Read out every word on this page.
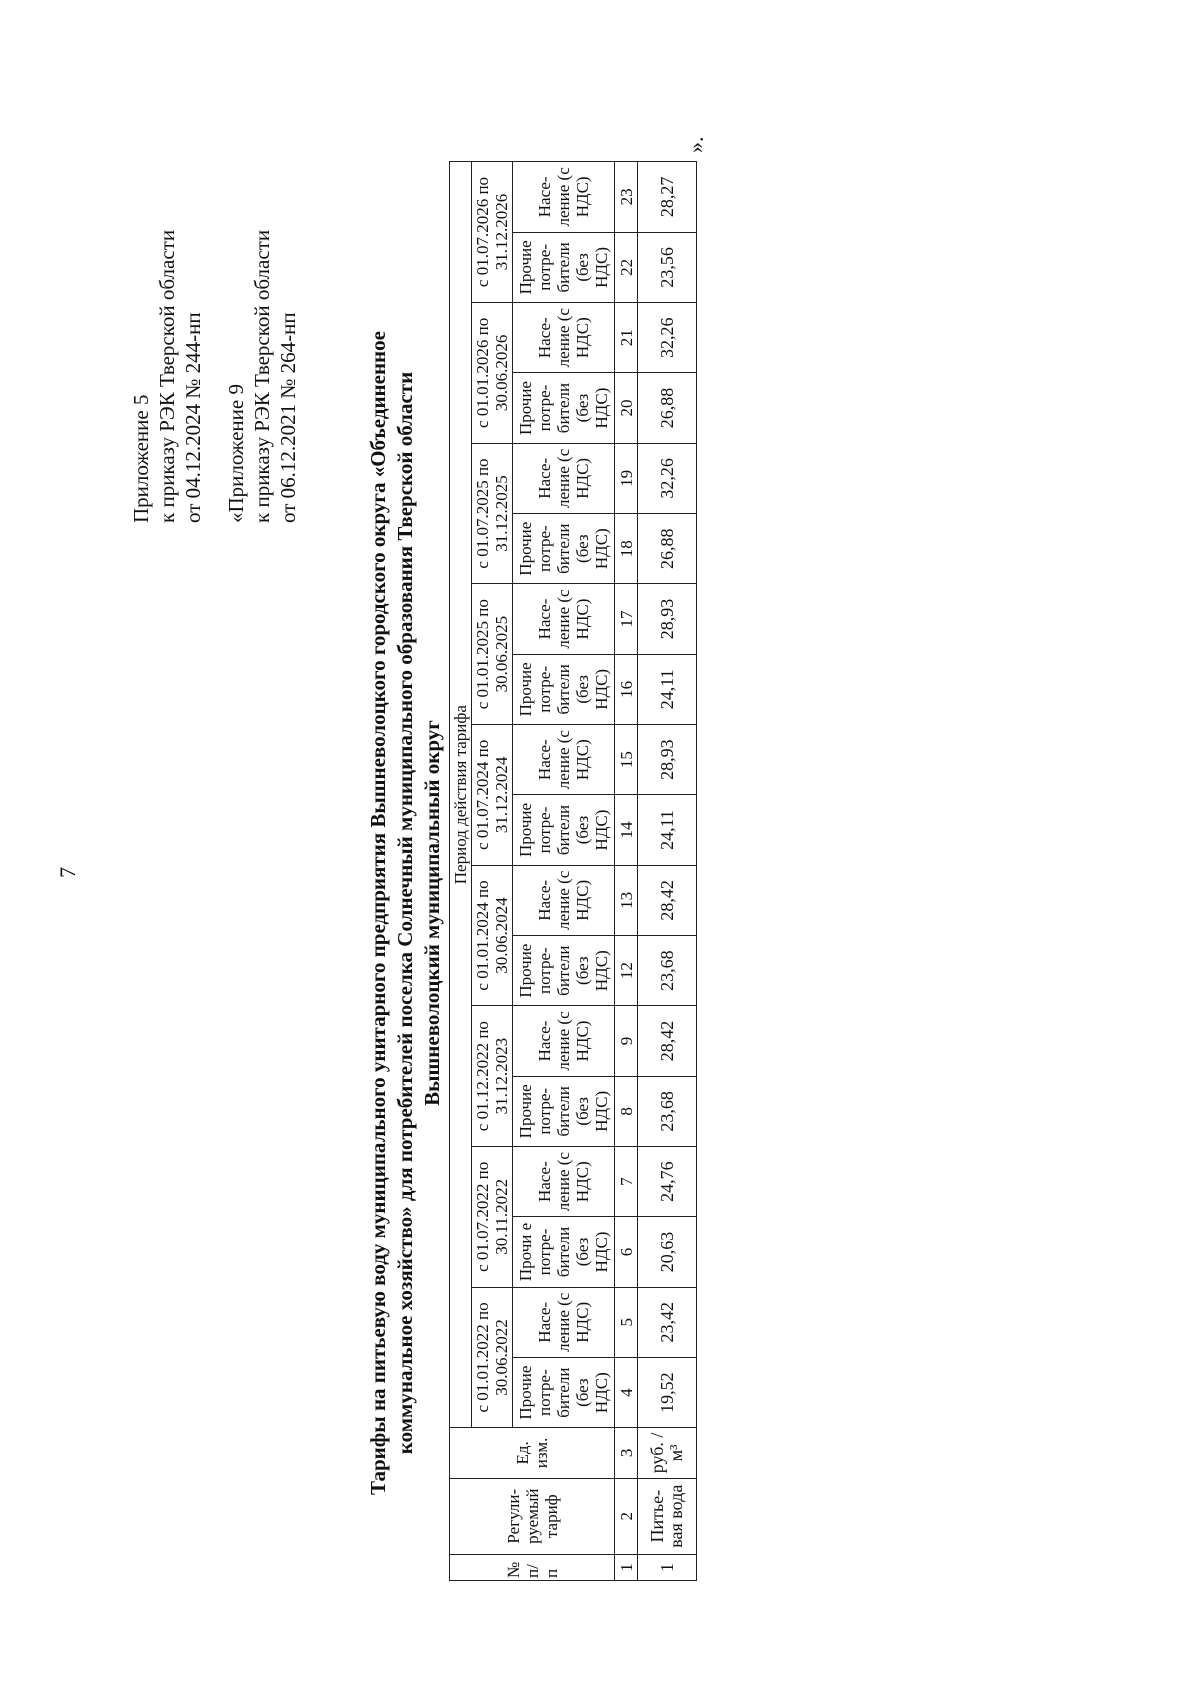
7
Приложение 5 к приказу РЭК Тверской области от 04.12.2024 № 244-нп «Приложение 9 к приказу РЭК Тверской области от 06.12.2021 № 264-нп	Тарифы на питьевую воду муниципального унитарного предприятия Вышневолоцкого городского округа «Объединенное коммунальное хозяйство» для потребителей поселка Солнечный муниципального образования Тверской области Вышневолоцкий муниципальный округ
№ п/п	Регули-руемый тариф	Ед. изм.	Период действия тарифа																	
			с 01.01.2022 по 30.06.2022		с 01.07.2022 по 30.11.2022		с 01.12.2022 по 31.12.2023		с 01.01.2024 по 30.06.2024		с 01.07.2024 по 31.12.2024		с 01.01.2025 по 30.06.2025		с 01.07.2025 по 31.12.2025		с 01.01.2026 по 30.06.2026		с 01.07.2026 по 31.12.2026	
			Прочие потре-бители (без НДС)	Насе-ление (с НДС)	Прочи е потре-бители (без НДС)	Насе-ление (с НДС)	Прочие потре-бители (без НДС)	Насе-ление (с НДС)	Прочие потре-бители (без НДС)	Насе-ление (с НДС)	Прочие потре-бители (без НДС)	Насе-ление (с НДС)	Прочие потре-бители (без НДС)	Насе-ление (с НДС)	Прочие потре-бители (без НДС)	Насе-ление (с НДС)	Прочие потре-бители (без НДС)	Насе-ление (с НДС)	Прочие потре-бители (без НДС)	Насе-ление (с НДС)
1	2	3	4	5	6	7	8	9	12	13	14	15	16	17	18	19	20	21	22	23
1	Питье-вая вода	руб. /м³	19,52	23,42	20,63	24,76	23,68	28,42	23,68	28,42	24,11	28,93	24,11	28,93	26,88	32,26	26,88	32,26	23,56	28,27
».
